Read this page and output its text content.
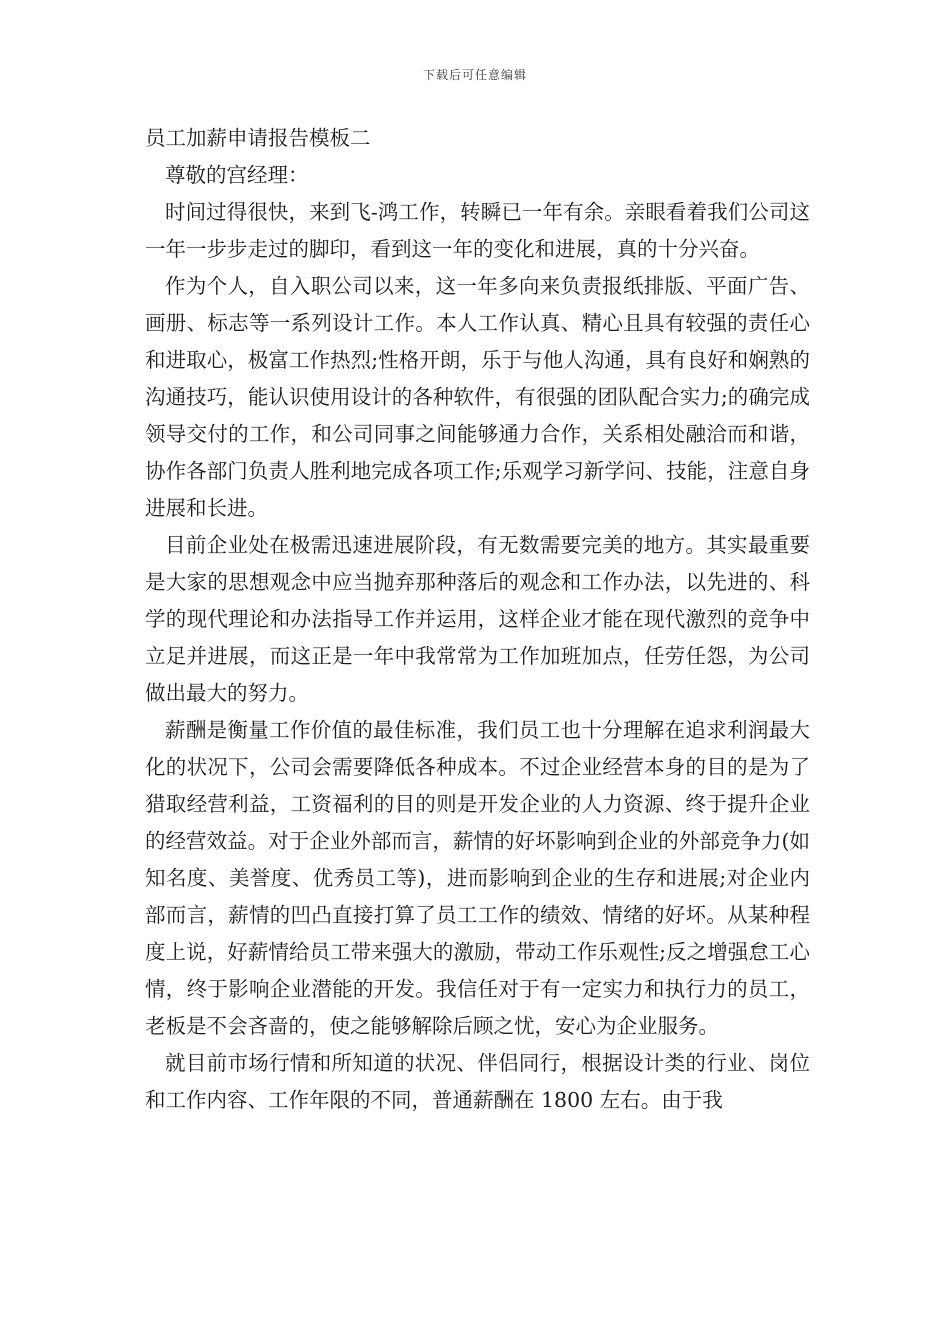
下载后可任意编辑

员工加薪申请报告模板二

尊敬的宫经理：

时间过得很快，来到飞-鸿工作，转瞬已一年有余。亲眼看着我们公司这一年一步步走过的脚印，看到这一年的变化和进展，真的十分兴奋。

作为个人，自入职公司以来，这一年多向来负责报纸排版、平面广告、画册、标志等一系列设计工作。本人工作认真、精心且具有较强的责任心和进取心，极富工作热烈;性格开朗，乐于与他人沟通，具有良好和娴熟的沟通技巧，能认识使用设计的各种软件，有很强的团队配合实力;的确完成领导交付的工作，和公司同事之间能够通力合作，关系相处融洽而和谐，协作各部门负责人胜利地完成各项工作;乐观学习新学问、技能，注意自身进展和长进。

目前企业处在极需迅速进展阶段，有无数需要完美的地方。其实最重要是大家的思想观念中应当抛弃那种落后的观念和工作办法，以先进的、科学的现代理论和办法指导工作并运用，这样企业才能在现代激烈的竞争中立足并进展，而这正是一年中我常常为工作加班加点，任劳任怨，为公司做出最大的努力。

薪酬是衡量工作价值的最佳标准，我们员工也十分理解在追求利润最大化的状况下，公司会需要降低各种成本。不过企业经营本身的目的是为了猎取经营利益，工资福利的目的则是开发企业的人力资源、终于提升企业的经营效益。对于企业外部而言，薪情的好坏影响到企业的外部竞争力(如知名度、美誉度、优秀员工等)，进而影响到企业的生存和进展;对企业内部而言，薪情的凹凸直接打算了员工工作的绩效、情绪的好坏。从某种程度上说，好薪情给员工带来强大的激励，带动工作乐观性;反之增强怠工心情，终于影响企业潜能的开发。我信任对于有一定实力和执行力的员工，老板是不会吝啬的，使之能够解除后顾之忧，安心为企业服务。

就目前市场行情和所知道的状况、伴侣同行，根据设计类的行业、岗位和工作内容、工作年限的不同，普通薪酬在 1800 左右。由于我
